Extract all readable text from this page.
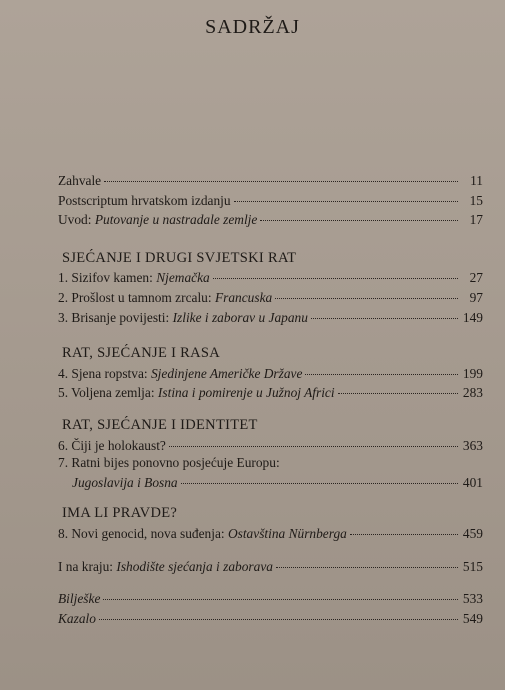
SADRŽAJ
Zahvale	11
Postscriptum hrvatskom izdanju	15
Uvod: Putovanje u nastradale zemlje	17
SJEĆANJE I DRUGI SVJETSKI RAT
1. Sizifov kamen: Njemačka	27
2. Prošlost u tamnom zrcalu: Francuska	97
3. Brisanje povijesti: Izlike i zaborav u Japanu	149
RAT, SJEĆANJE I RASA
4. Sjena ropstva: Sjedinjene Američke Države	199
5. Voljena zemlja: Istina i pomirenje u Južnoj Africi	283
RAT, SJEĆANJE I IDENTITET
6. Čiji je holokaust?	363
7. Ratni bijes ponovno posjećuje Europu:
Jugoslavija i Bosna	401
IMA LI PRAVDE?
8. Novi genocid, nova suđenja: Ostavština Nürnberga	459
I na kraju: Ishodište sjećanja i zaborava	515
Bilješke	533
Kazalo	549
